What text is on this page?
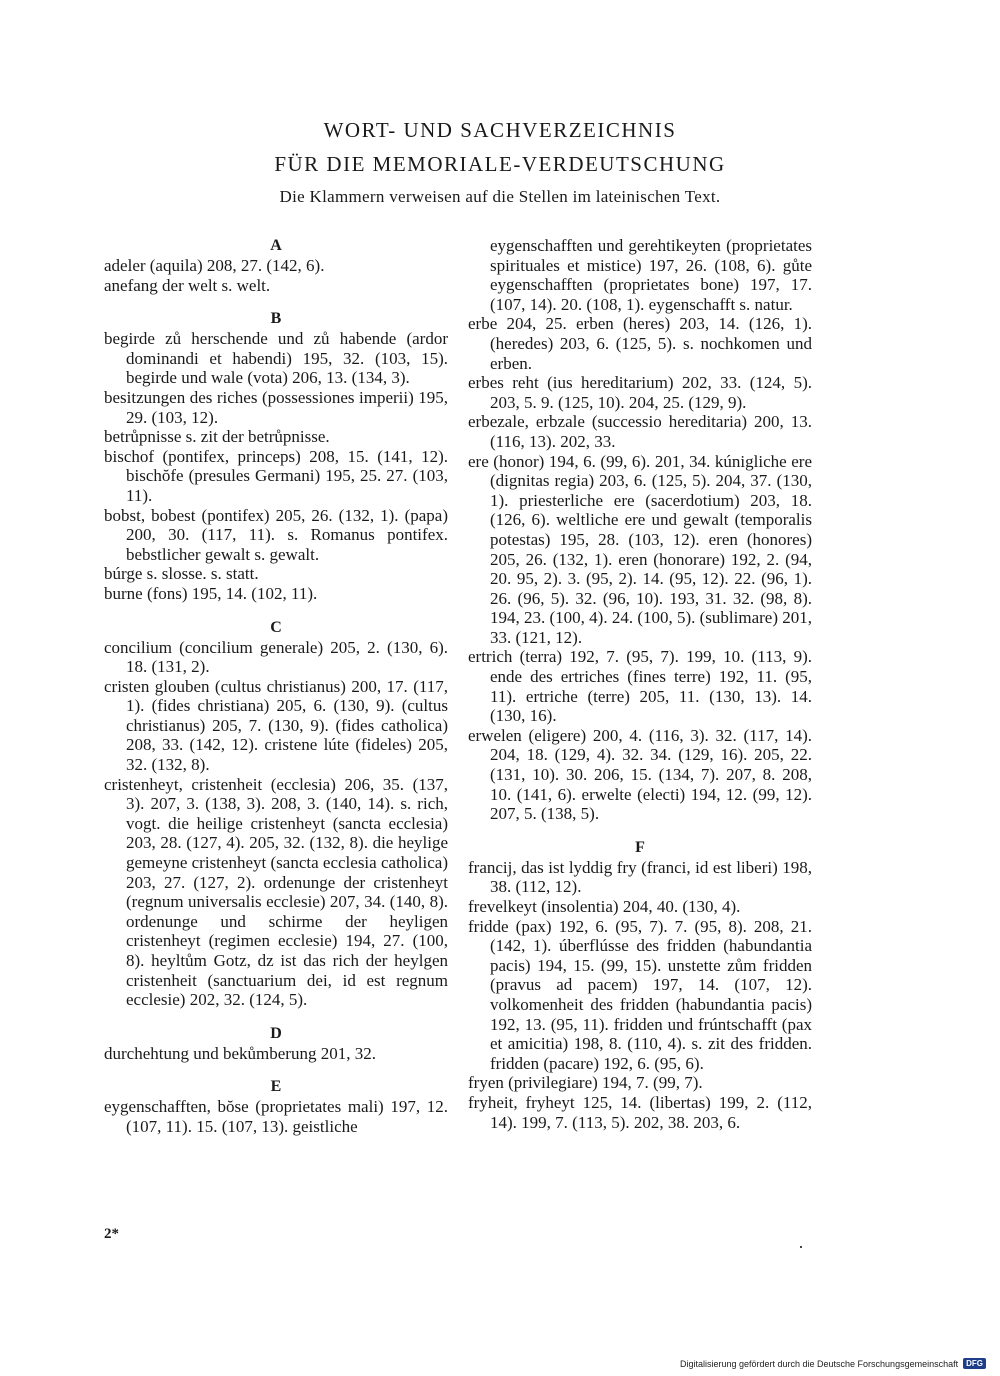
WORT- UND SACHVERZEICHNIS
FÜR DIE MEMORIALE-VERDEUTSCHUNG
Die Klammern verweisen auf die Stellen im lateinischen Text.
A

adeler (aquila) 208, 27. (142, 6).

anefang der welt s. welt.

B

begirde zů herschende und zů habende (ardor dominandi et habendi) 195, 32. (103, 15). begirde und wale (vota) 206, 13. (134, 3).

besitzungen des riches (possessiones imperii) 195, 29. (103, 12).

betrůpnisse s. zit der betrůpnisse.

bischof (pontifex, princeps) 208, 15. (141, 12). bischŏfe (presules Germani) 195, 25. 27. (103, 11).

bobst, bobest (pontifex) 205, 26. (132, 1). (papa) 200, 30. (117, 11). s. Romanus pontifex. bebstlicher gewalt s. gewalt.

búrge s. slosse. s. statt.

burne (fons) 195, 14. (102, 11).

C

concilium (concilium generale) 205, 2. (130, 6). 18. (131, 2).

cristen glouben (cultus christianus) 200, 17. (117, 1). (fides christiana) 205, 6. (130, 9). (cultus christianus) 205, 7. (130, 9). (fides catholica) 208, 33. (142, 12). cristene lúte (fideles) 205, 32. (132, 8).

cristenheyt, cristenheit (ecclesia) 206, 35. (137, 3). 207, 3. (138, 3). 208, 3. (140, 14). s. rich, vogt. die heilige cristenheyt (sancta ecclesia) 203, 28. (127, 4). 205, 32. (132, 8). die heylige gemeyne cristenheyt (sancta ecclesia catholica) 203, 27. (127, 2). ordenunge der cristenheyt (regnum universalis ecclesie) 207, 34. (140, 8). ordenunge und schirme der heyligen cristenheyt (regimen ecclesie) 194, 27. (100, 8). heyltům Gotz, dz ist das rich der heylgen cristenheit (sanctuarium dei, id est regnum ecclesie) 202, 32. (124, 5).

D

durchehtung und bekůmberung 201, 32.

E

eygenschafften, bŏse (proprietates mali) 197, 12. (107, 11). 15. (107, 13). geistliche

eygenschafften und gerehtikeyten (proprietates spirituales et mistice) 197, 26. (108, 6). gůte eygenschafften (proprietates bone) 197, 17. (107, 14). 20. (108, 1). eygenschafft s. natur.

erbe 204, 25. erben (heres) 203, 14. (126, 1). (heredes) 203, 6. (125, 5). s. nochkomen und erben.

erbes reht (ius hereditarium) 202, 33. (124, 5). 203, 5. 9. (125, 10). 204, 25. (129, 9).

erbezale, erbzale (successio hereditaria) 200, 13. (116, 13). 202, 33.

ere (honor) 194, 6. (99, 6). 201, 34. kúnigliche ere (dignitas regia) 203, 6. (125, 5). 204, 37. (130, 1). priesterliche ere (sacerdotium) 203, 18. (126, 6). weltliche ere und gewalt (temporalis potestas) 195, 28. (103, 12). eren (honores) 205, 26. (132, 1). eren (honorare) 192, 2. (94, 20. 95, 2). 3. (95, 2). 14. (95, 12). 22. (96, 1). 26. (96, 5). 32. (96, 10). 193, 31. 32. (98, 8). 194, 23. (100, 4). 24. (100, 5). (sublimare) 201, 33. (121, 12).

ertrich (terra) 192, 7. (95, 7). 199, 10. (113, 9). ende des ertriches (fines terre) 192, 11. (95, 11). ertriche (terre) 205, 11. (130, 13). 14. (130, 16).

erwelen (eligere) 200, 4. (116, 3). 32. (117, 14). 204, 18. (129, 4). 32. 34. (129, 16). 205, 22. (131, 10). 30. 206, 15. (134, 7). 207, 8. 208, 10. (141, 6). erwelte (electi) 194, 12. (99, 12). 207, 5. (138, 5).

F

francij, das ist lyddig fry (franci, id est liberi) 198, 38. (112, 12).

frevelkeyt (insolentia) 204, 40. (130, 4).

fridde (pax) 192, 6. (95, 7). 7. (95, 8). 208, 21. (142, 1). úberflússe des fridden (habundantia pacis) 194, 15. (99, 15). unstette zům fridden (pravus ad pacem) 197, 14. (107, 12). volkomenheit des fridden (habundantia pacis) 192, 13. (95, 11). fridden und frúntschafft (pax et amicitia) 198, 8. (110, 4). s. zit des fridden. fridden (pacare) 192, 6. (95, 6).

fryen (privilegiare) 194, 7. (99, 7).

fryheit, fryheyt 125, 14. (libertas) 199, 2. (112, 14). 199, 7. (113, 5). 202, 38. 203, 6.

2*
Digitalisierung gefördert durch die Deutsche Forschungsgemeinschaft	DFG
